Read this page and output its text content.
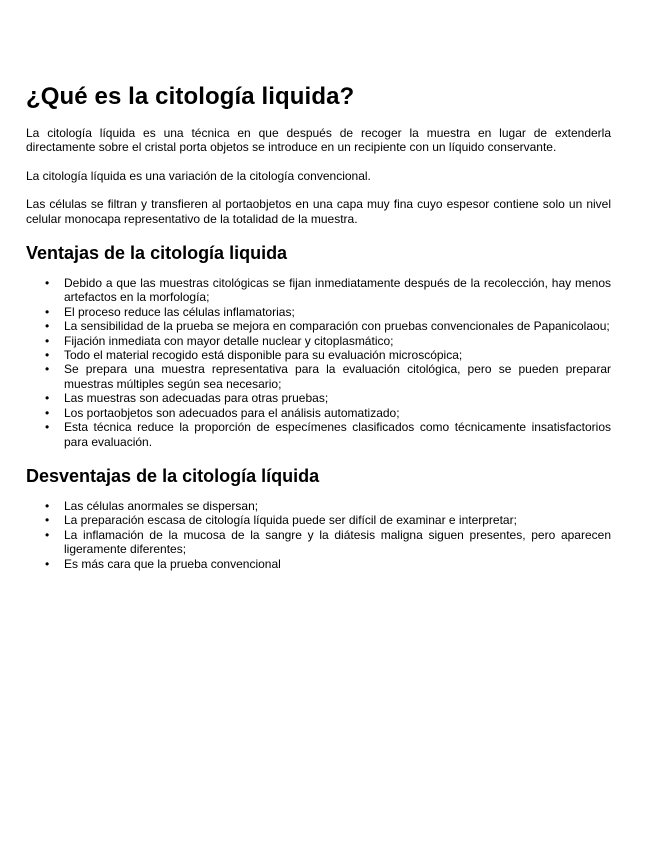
¿Qué es la citología liquida?

La citología líquida es una técnica en que después de recoger la muestra en lugar de extenderla directamente sobre el cristal porta objetos se introduce en un recipiente con un líquido conservante.

La citología líquida es una variación de la citología convencional.

Las células se filtran y transfieren al portaobjetos en una capa muy fina cuyo espesor contiene solo un nivel celular monocapa representativo de la totalidad de la muestra.

Ventajas de la citología liquida
• Debido a que las muestras citológicas se fijan inmediatamente después de la recolección, hay menos artefactos en la morfología;
• El proceso reduce las células inflamatorias;
• La sensibilidad de la prueba se mejora en comparación con pruebas convencionales de Papanicolaou;
• Fijación inmediata con mayor detalle nuclear y citoplasmático;
• Todo el material recogido está disponible para su evaluación microscópica;
• Se prepara una muestra representativa para la evaluación citológica, pero se pueden preparar muestras múltiples según sea necesario;
• Las muestras son adecuadas para otras pruebas;
• Los portaobjetos son adecuados para el análisis automatizado;
• Esta técnica reduce la proporción de especímenes clasificados como técnicamente insatisfactorios para evaluación.
Desventajas de la citología líquida
• Las células anormales se dispersan;
• La preparación escasa de citología líquida puede ser difícil de examinar e interpretar;
• La inflamación de la mucosa de la sangre y la diátesis maligna siguen presentes, pero aparecen ligeramente diferentes;
• Es más cara que la prueba convencional
